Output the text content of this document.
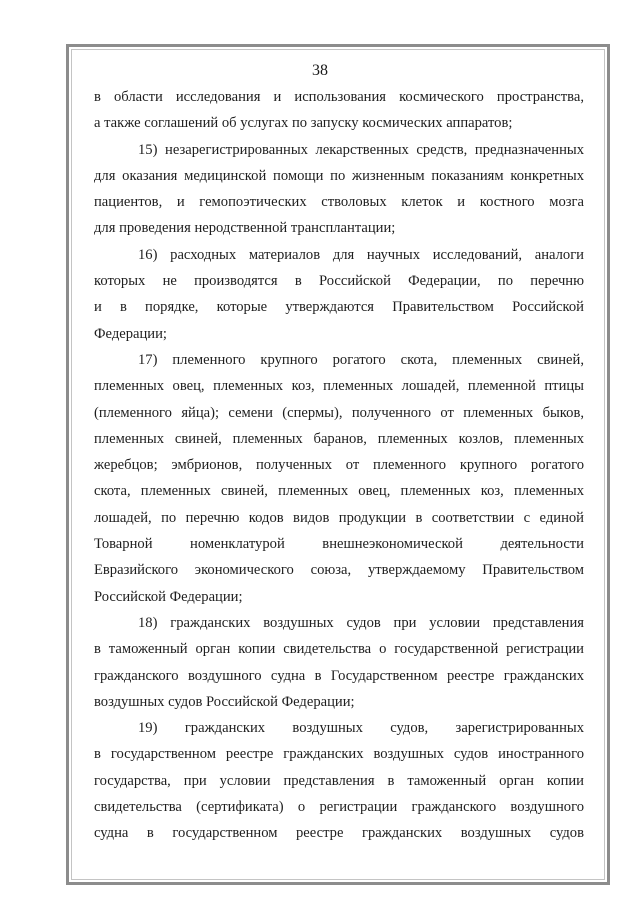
38

в области исследования и использования космического пространства,
а также соглашений об услугах по запуску космических аппаратов;

15) незарегистрированных лекарственных средств, предназначенных
для оказания медицинской помощи по жизненным показаниям конкретных
пациентов, и гемопоэтических стволовых клеток и костного мозга
для проведения неродственной трансплантации;

16) расходных материалов для научных исследований, аналоги
которых не производятся в Российской Федерации, по перечню
и в порядке, которые утверждаются Правительством Российской
Федерации;

17) племенного крупного рогатого скота, племенных свиней,
племенных овец, племенных коз, племенных лошадей, племенной птицы
(племенного яйца); семени (спермы), полученного от племенных быков,
племенных свиней, племенных баранов, племенных козлов, племенных
жеребцов; эмбрионов, полученных от племенного крупного рогатого
скота, племенных свиней, племенных овец, племенных коз, племенных
лошадей, по перечню кодов видов продукции в соответствии с единой
Товарной номенклатурой внешнеэкономической деятельности
Евразийского экономического союза, утверждаемому Правительством
Российской Федерации;

18) гражданских воздушных судов при условии представления
в таможенный орган копии свидетельства о государственной регистрации
гражданского воздушного судна в Государственном реестре гражданских
воздушных судов Российской Федерации;

19) гражданских воздушных судов, зарегистрированных
в государственном реестре гражданских воздушных судов иностранного
государства, при условии представления в таможенный орган копии
свидетельства (сертификата) о регистрации гражданского воздушного
судна в государственном реестре гражданских воздушных судов
